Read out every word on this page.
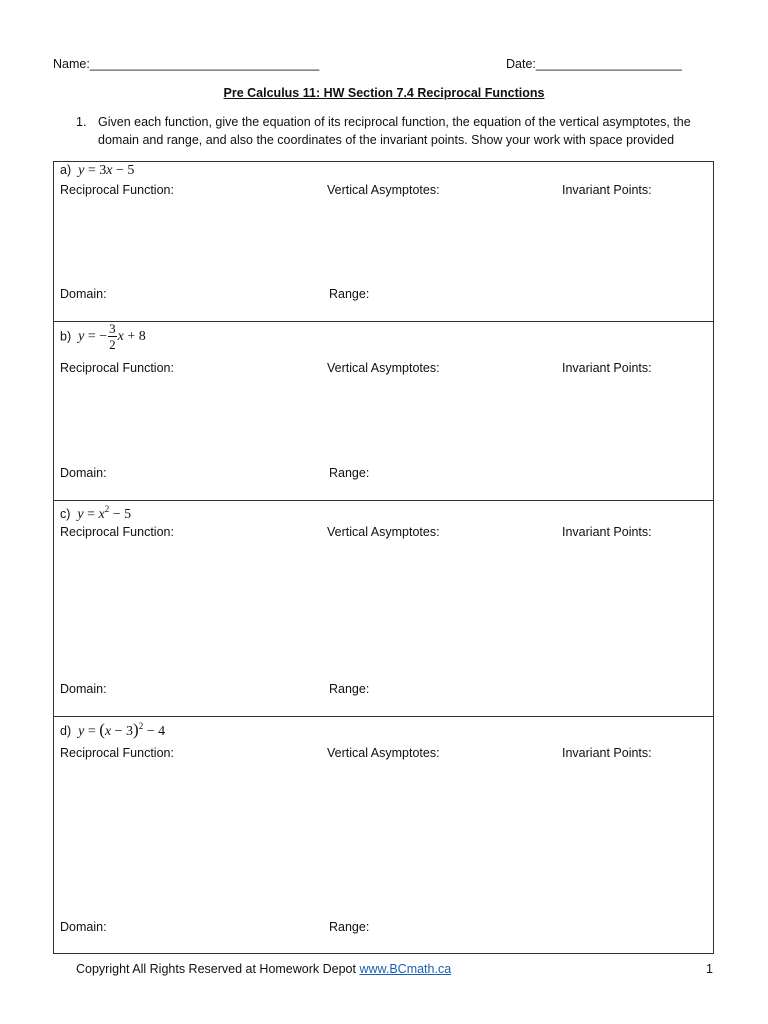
Name:_________________________________	Date:_____________________
Pre Calculus 11: HW Section 7.4 Reciprocal Functions
1. Given each function, give the equation of its reciprocal function, the equation of the vertical asymptotes, the
domain and range, and also the coordinates of the invariant points. Show your work with space provided
a) y = 3x − 5
Reciprocal Function:	Vertical Asymptotes:	Invariant Points:
Domain:	Range:
b) y = − $\frac{3}{2}$ x + 8
Reciprocal Function:	Vertical Asymptotes:	Invariant Points:
Domain:	Range:
c) $y = x^2 - 5$
Reciprocal Function:	Vertical Asymptotes:	Invariant Points:
Domain:	Range:
d) $y = (x - 3)^2 - 4$
Reciprocal Function:	Vertical Asymptotes:	Invariant Points:
Domain:	Range:
Copyright All Rights Reserved at Homework Depot www.BCmath.ca	1
